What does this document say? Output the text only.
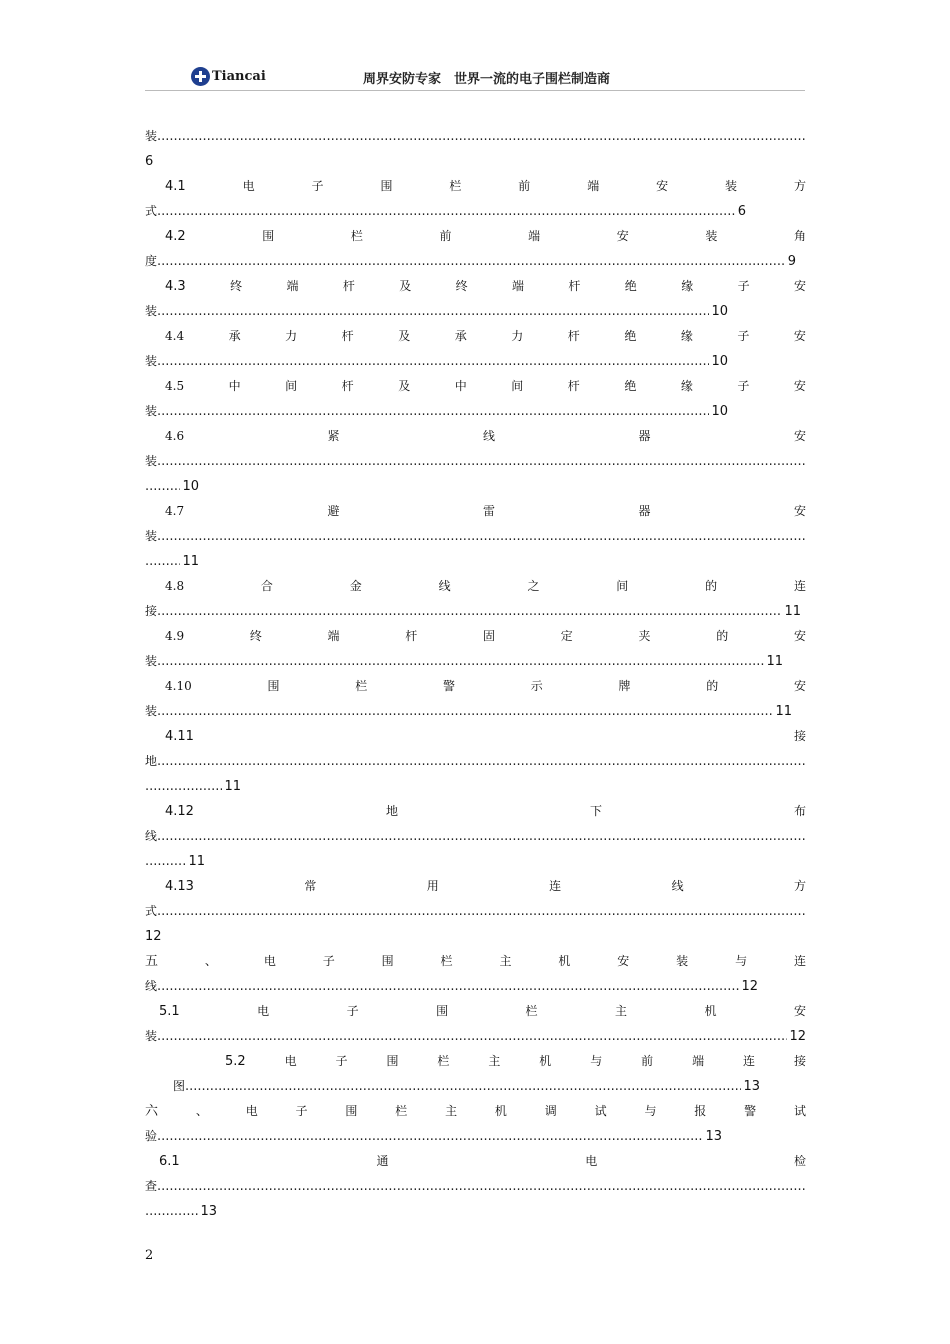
Tiancai	周界安防专家　世界一流的电子围栏制造商
装
.....
6
4.1	电	子	围	栏	前	端	安	装	方
式 .....	6
4.2	围	栏	前	端	安	装	角
度 .....	9
4.3	终	端	杆	及	终	端	杆	绝	缘	子	安
装 .....	10
4.4	承	力	杆	及	承	力	杆	绝	缘	子	安
装 .....	10
4.5	中	间	杆	及	中	间	杆	绝	缘	子	安
装 .....	10
4.6	紧	线	器	安
装
.....
.....
10
4.7	避	雷	器	安
装
.....
.....
11
4.8	合	金	线	之	间	的	连
接 .....	11
4.9	终	端	杆	固	定	夹	的	安
装 .....	11
4.10	围	栏	警	示	牌	的	安
装 .....	11
4.11	接
地
.....
.....
11
4.12	地	下	布
线
.....
.....
11
4.13	常	用	连	线	方
式
.....
12
五	、	电	子	围	栏	主	机	安	装	与	连
线 .....	12
5.1	电	子	围	栏	主	机	安
装 .....	12
5.2	电	子	围	栏	主	机	与	前	端	连	接
图 .....	13
六	、	电	子	围	栏	主	机	调	试	与	报	警	试
验 .....	13
6.1	通	电	检
查
.....
.....
13
2
